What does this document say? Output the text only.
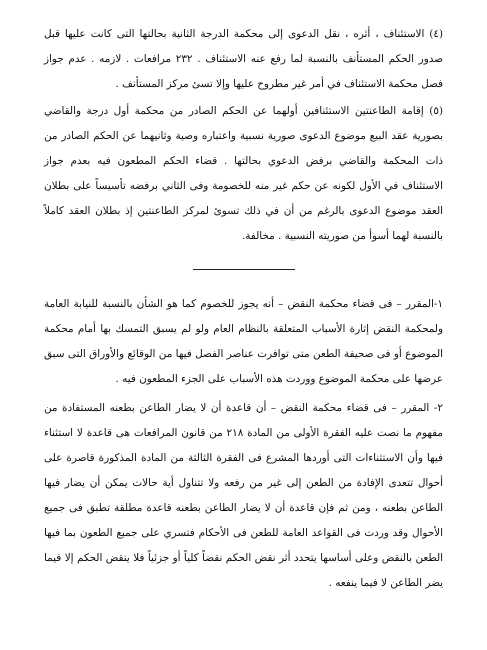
(٤) الاستئناف ، أثره ، نقل الدعوى إلى محكمة الدرجة الثانية بحالتها التى كانت عليها قبل صدور الحكم المستأنف بالنسبة لما رفع عنه الاستئناف . ٢٣٢ مرافعات . لازمه . عدم جواز فصل محكمة الاستئناف في أمر غير مطروح عليها وإلا تسئ مركز المستأنف .

(٥) إقامة الطاعنتين الاستئنافين أولهما عن الحكم الصادر من محكمة أول درجة والقاضي بصورية عقد البيع موضوع الدعوى صورية نسبية واعتباره وصية وثانيهما عن الحكم الصادر من ذات المحكمة والقاضي برفض الدعوي بحالتها . قضاء الحكم المطعون فيه بعدم جواز الاستئناف في الأول لكونه عن حكم غير منه للخصومة وفى الثاني برفضه تأسيساً على بطلان العقد موضوع الدعوى بالرغم من أن في ذلك تسوئ لمركز الطاعنتين إذ بطلان العقد كاملاً بالنسبة لهما أسوأ من صوريته النسبية . مخالفة.

١-المقرر – فى قضاء محكمة النقض – أنه يجوز للخصوم كما هو الشأن بالنسبة للنيابة العامة ولمحكمة النقض إثارة الأسباب المتعلقة بالنظام العام ولو لم يسبق التمسك بها أمام محكمة الموضوع أو فى صحيفة الطعن متى توافرت عناصر الفصل فيها من الوقائع والأوراق التى سبق عرضها على محكمة الموضوع ووردت هذه الأسباب على الجزء المطعون فيه .

٢- المقرر – فى قضاء محكمة النقض – أن قاعدة أن لا يضار الطاعن بطعنه المستفادة من مفهوم ما نصت عليه الفقرة الأولى من المادة ٢١٨ من قانون المرافعات هى قاعدة لا استثناء فيها وأن الاستثناءات التى أوردها المشرع فى الفقرة الثالثة من المادة المذكورة قاصرة على أحوال تتعدى الإفادة من الطعن إلى غير من رفعه ولا تتناول أية حالات يمكن أن يضار فيها الطاعن بطعنه ، ومن ثم فإن قاعدة أن لا يضار الطاعن بطعنه قاعدة مطلقة تطبق فى جميع الأحوال وقد وردت فى القواعد العامة للطعن فى الأحكام فتسري على جميع الطعون بما فيها الطعن بالنقض وعلى أساسها يتحدد أثر نقض الحكم نقضاً كلياً أو جزئياً فلا ينقض الحكم إلا فيما يضر الطاعن لا فيما ينفعه .
